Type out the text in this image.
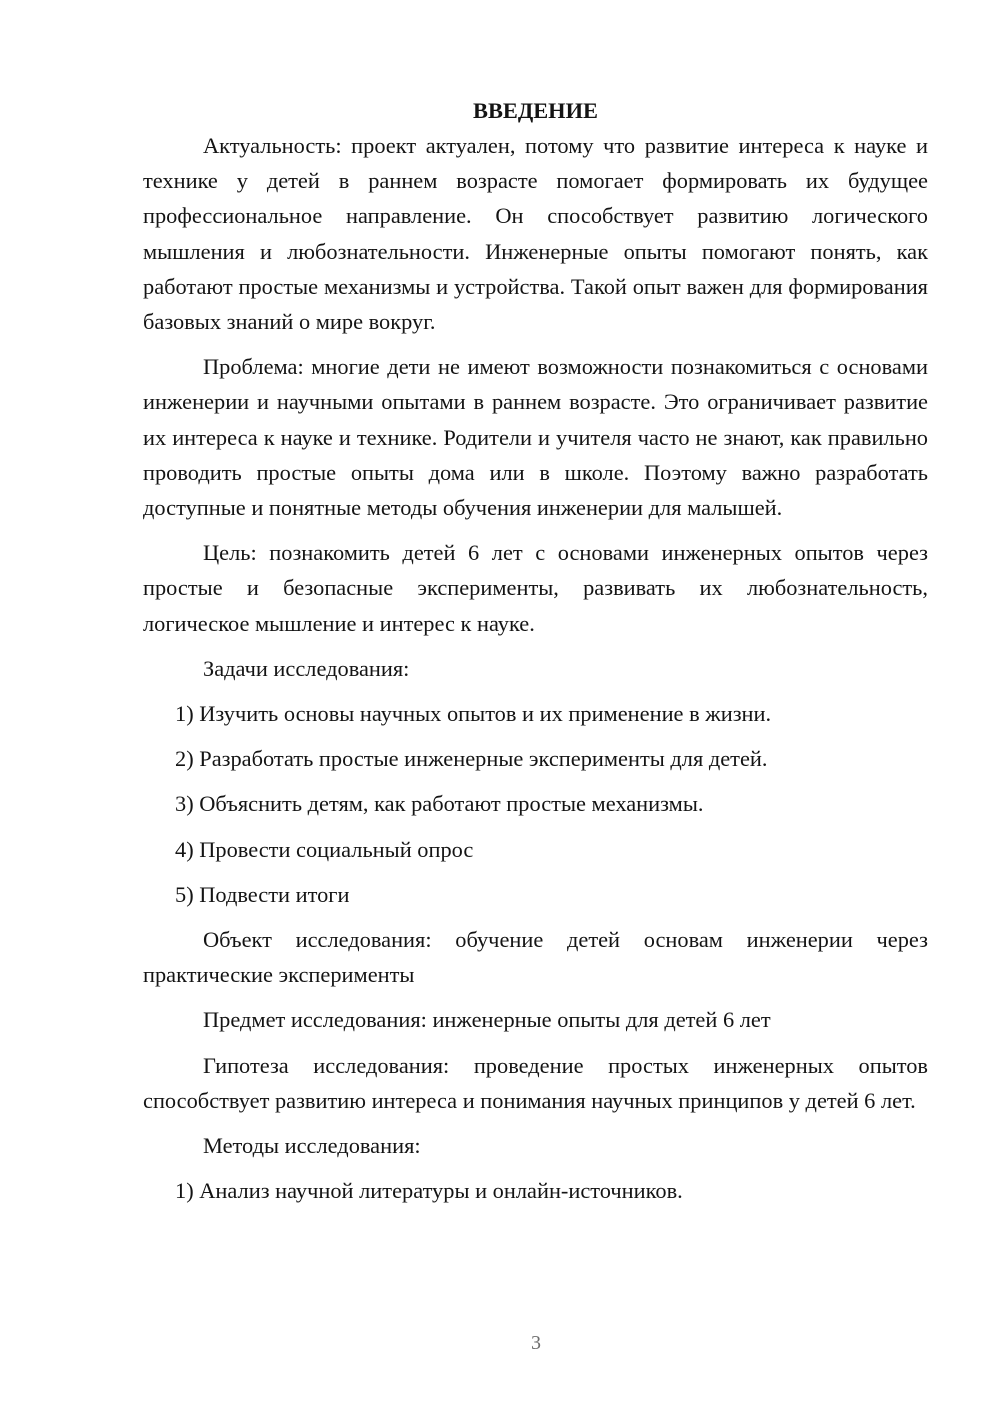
ВВЕДЕНИЕ

Актуальность: проект актуален, потому что развитие интереса к науке и технике у детей в раннем возрасте помогает формировать их будущее профессиональное направление. Он способствует развитию логического мышления и любознательности. Инженерные опыты помогают понять, как работают простые механизмы и устройства. Такой опыт важен для формирования базовых знаний о мире вокруг.

Проблема: многие дети не имеют возможности познакомиться с основами инженерии и научными опытами в раннем возрасте. Это ограничивает развитие их интереса к науке и технике. Родители и учителя часто не знают, как правильно проводить простые опыты дома или в школе. Поэтому важно разработать доступные и понятные методы обучения инженерии для малышей.

Цель: познакомить детей 6 лет с основами инженерных опытов через простые и безопасные эксперименты, развивать их любознательность, логическое мышление и интерес к науке.

Задачи исследования:
1) Изучить основы научных опытов и их применение в жизни.
2) Разработать простые инженерные эксперименты для детей.
3) Объяснить детям, как работают простые механизмы.
4) Провести социальный опрос
5) Подвести итоги

Объект исследования: обучение детей основам инженерии через практические эксперименты

Предмет исследования: инженерные опыты для детей 6 лет

Гипотеза исследования: проведение простых инженерных опытов способствует развитию интереса и понимания научных принципов у детей 6 лет.

Методы исследования:
1) Анализ научной литературы и онлайн-источников.
3
